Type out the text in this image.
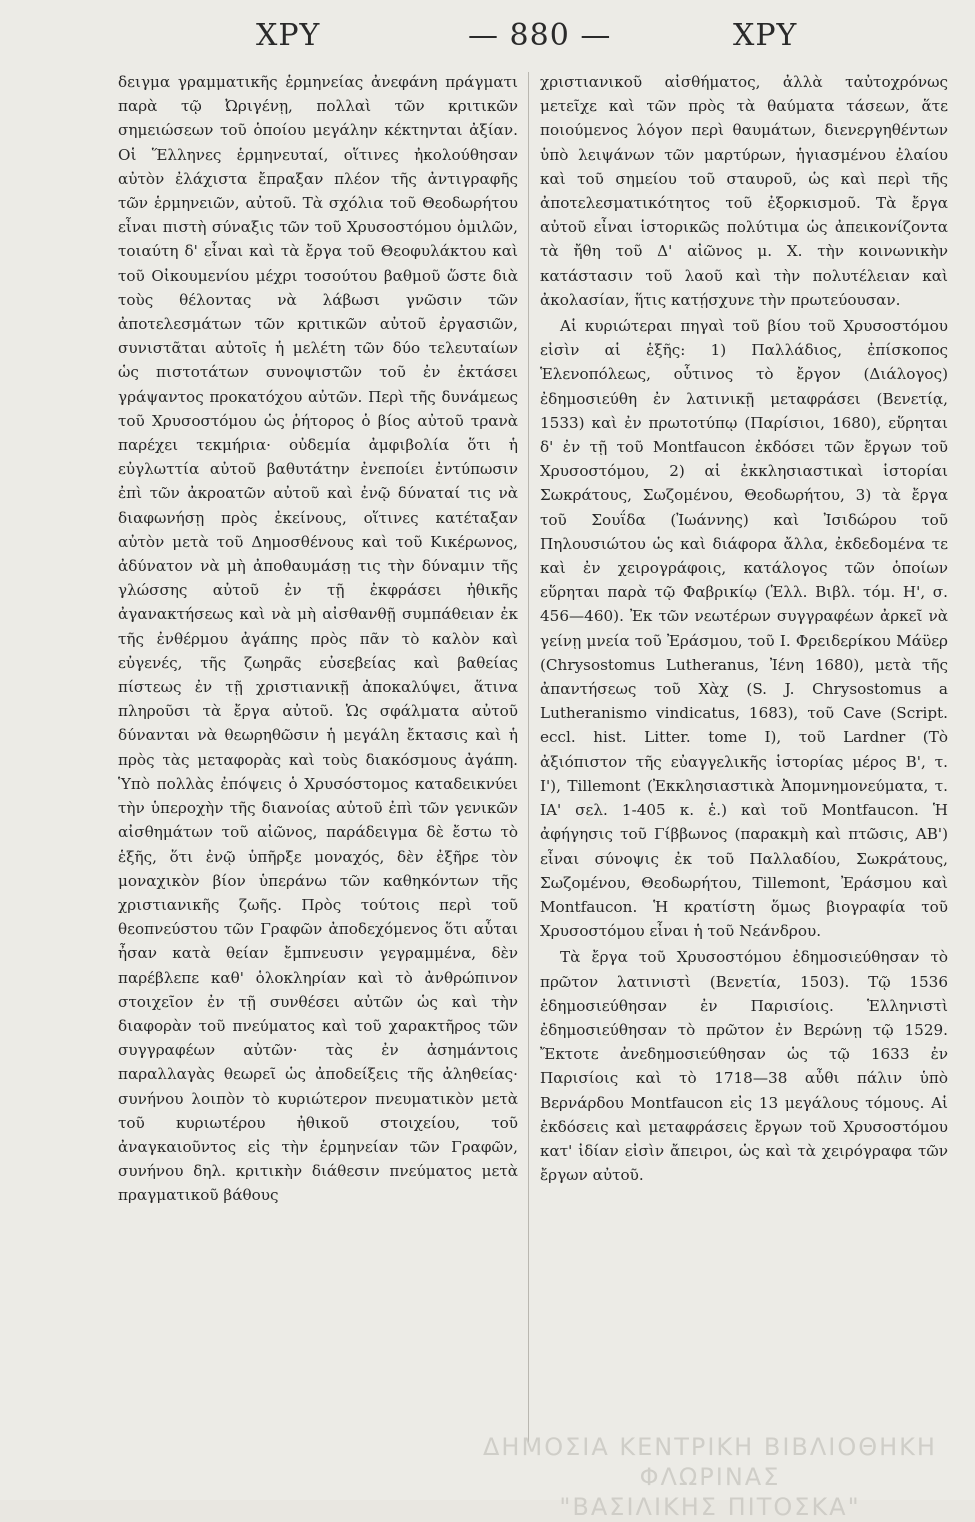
ΧΡΥ	— 880 —	ΧΡΥ

δειγμα γραμματικῆς ἑρμηνείας ἀνεφάνη πράγματι παρὰ τῷ Ὠριγένῃ, πολλαὶ τῶν κριτικῶν σημειώσεων τοῦ ὁποίου μεγάλην κέκτηνται ἀξίαν. Οἱ Ἕλληνες ἑρμηνευταί, οἵτινες ἠκολούθησαν αὐτὸν ἐλάχιστα ἔπραξαν πλέον τῆς ἀντιγραφῆς τῶν ἑρμηνειῶν, αὐτοῦ. Τὰ σχόλια τοῦ Θεοδωρήτου εἶναι πιστὴ σύναξις τῶν τοῦ Χρυσοστόμου ὁμιλῶν, τοιαύτη δ' εἶναι καὶ τὰ ἔργα τοῦ Θεοφυλάκτου καὶ τοῦ Οἰκουμενίου μέχρι τοσούτου βαθμοῦ ὥστε διὰ τοὺς θέλοντας νὰ λάβωσι γνῶσιν τῶν ἀποτελεσμάτων τῶν κριτικῶν αὐτοῦ ἐργασιῶν, συνιστᾶται αὐτοῖς ἡ μελέτη τῶν δύο τελευταίων ὡς πιστοτάτων συνοψιστῶν τοῦ ἐν ἐκτάσει γράψαντος προκατόχου αὐτῶν. Περὶ τῆς δυνάμεως τοῦ Χρυσοστόμου ὡς ῥήτορος ὁ βίος αὐτοῦ τρανὰ παρέχει τεκμήρια· οὐδεμία ἀμφιβολία ὅτι ἡ εὐγλωττία αὐτοῦ βαθυτάτην ἐνεποίει ἐντύπωσιν ἐπὶ τῶν ἀκροατῶν αὐτοῦ καὶ ἐνῷ δύναταί τις νὰ διαφωνήσῃ πρὸς ἐκείνους, οἵτινες κατέταξαν αὐτὸν μετὰ τοῦ Δημοσθένους καὶ τοῦ Κικέρωνος, ἀδύνατον νὰ μὴ ἀποθαυμάσῃ τις τὴν δύναμιν τῆς γλώσσης αὐτοῦ ἐν τῇ ἐκφράσει ἠθικῆς ἀγανακτήσεως καὶ νὰ μὴ αἰσθανθῇ συμπάθειαν ἐκ τῆς ἐνθέρμου ἀγάπης πρὸς πᾶν τὸ καλὸν καὶ εὐγενές, τῆς ζωηρᾶς εὐσεβείας καὶ βαθείας πίστεως ἐν τῇ χριστιανικῇ ἀποκαλύψει, ἅτινα πληροῦσι τὰ ἔργα αὐτοῦ. Ὡς σφάλματα αὐτοῦ δύνανται νὰ θεωρηθῶσιν ἡ μεγάλη ἔκτασις καὶ ἡ πρὸς τὰς μεταφορὰς καὶ τοὺς διακόσμους ἀγάπη. Ὑπὸ πολλὰς ἐπόψεις ὁ Χρυσόστομος καταδεικνύει τὴν ὑπεροχὴν τῆς διανοίας αὐτοῦ ἐπὶ τῶν γενικῶν αἰσθημάτων τοῦ αἰῶνος, παράδειγμα δὲ ἔστω τὸ ἑξῆς, ὅτι ἐνῷ ὑπῆρξε μοναχός, δὲν ἐξῆρε τὸν μοναχικὸν βίον ὑπεράνω τῶν καθηκόντων τῆς χριστιανικῆς ζωῆς. Πρὸς τούτοις περὶ τοῦ θεοπνεύστου τῶν Γραφῶν ἀποδεχόμενος ὅτι αὗται ἦσαν κατὰ θείαν ἔμπνευσιν γεγραμμένα, δὲν παρέβλεπε καθ' ὁλοκληρίαν καὶ τὸ ἀνθρώπινον στοιχεῖον ἐν τῇ συνθέσει αὐτῶν ὡς καὶ τὴν διαφορὰν τοῦ πνεύματος καὶ τοῦ χαρακτῆρος τῶν συγγραφέων αὐτῶν· τὰς ἐν ἀσημάντοις παραλλαγὰς θεωρεῖ ὡς ἀποδείξεις τῆς ἀληθείας· συνήνου λοιπὸν τὸ κυριώτερον πνευματικὸν μετὰ τοῦ κυριωτέρου ἠθικοῦ στοιχείου, τοῦ ἀναγκαιοῦντος εἰς τὴν ἑρμηνείαν τῶν Γραφῶν, συνήνου δηλ. κριτικὴν διάθεσιν πνεύματος μετὰ πραγματικοῦ βάθους

χριστιανικοῦ αἰσθήματος, ἀλλὰ ταὐτοχρόνως μετεῖχε καὶ τῶν πρὸς τὰ θαύματα τάσεων, ἅτε ποιούμενος λόγον περὶ θαυμάτων, διενεργηθέντων ὑπὸ λειψάνων τῶν μαρτύρων, ἡγιασμένου ἐλαίου καὶ τοῦ σημείου τοῦ σταυροῦ, ὡς καὶ περὶ τῆς ἀποτελεσματικότητος τοῦ ἐξορκισμοῦ. Τὰ ἔργα αὐτοῦ εἶναι ἱστορικῶς πολύτιμα ὡς ἀπεικονίζοντα τὰ ἤθη τοῦ Δ' αἰῶνος μ. Χ. τὴν κοινωνικὴν κατάστασιν τοῦ λαοῦ καὶ τὴν πολυτέλειαν καὶ ἀκολασίαν, ἥτις κατῄσχυνε τὴν πρωτεύουσαν.

Αἱ κυριώτεραι πηγαὶ τοῦ βίου τοῦ Χρυσοστόμου εἰσὶν αἱ ἑξῆς: 1) Παλλάδιος, ἐπίσκοπος Ἑλενοπόλεως, οὗτινος τὸ ἔργον (Διάλογος) ἐδημοσιεύθη ἐν λατινικῇ μεταφράσει (Βενετίᾳ, 1533) καὶ ἐν πρωτοτύπῳ (Παρίσιοι, 1680), εὕρηται δ' ἐν τῇ τοῦ Montfaucon ἐκδόσει τῶν ἔργων τοῦ Χρυσοστόμου, 2) αἱ ἐκκλησιαστικαὶ ἱστορίαι Σωκράτους, Σωζομένου, Θεοδωρήτου, 3) τὰ ἔργα τοῦ Σουΐδα (Ἰωάννης) καὶ Ἰσιδώρου τοῦ Πηλουσιώτου ὡς καὶ διάφορα ἄλλα, ἐκδεδομένα τε καὶ ἐν χειρογράφοις, κατάλογος τῶν ὁποίων εὕρηται παρὰ τῷ Φαβρικίῳ (Ἑλλ. Βιβλ. τόμ. Η', σ. 456—460). Ἐκ τῶν νεωτέρων συγγραφέων ἀρκεῖ νὰ γείνῃ μνεία τοῦ Ἐράσμου, τοῦ Ι. Φρειδερίκου Μάϋερ (Chrysostomus Lutheranus, Ἰένη 1680), μετὰ τῆς ἀπαντήσεως τοῦ Χὰχ (S. J. Chrysostomus a Lutheranismo vindicatus, 1683), τοῦ Cave (Script. eccl. hist. Litter. tome I), τοῦ Lardner (Τὸ ἀξιόπιστον τῆς εὐαγγελικῆς ἱστορίας μέρος Β', τ. Ι'), Tillemont (Ἐκκλησιαστικὰ Ἀπομνημονεύματα, τ. ΙΑ' σελ. 1-405 κ. ἑ.) καὶ τοῦ Montfaucon. Ἡ ἀφήγησις τοῦ Γίββωνος (παρακμὴ καὶ πτῶσις, ΑΒ') εἶναι σύνοψις ἐκ τοῦ Παλλαδίου, Σωκράτους, Σωζομένου, Θεοδωρήτου, Tillemont, Ἐράσμου καὶ Montfaucon. Ἡ κρατίστη ὅμως βιογραφία τοῦ Χρυσοστόμου εἶναι ἡ τοῦ Νεάνδρου.

Τὰ ἔργα τοῦ Χρυσοστόμου ἐδημοσιεύθησαν τὸ πρῶτον λατινιστὶ (Βενετία, 1503). Τῷ 1536 ἐδημοσιεύθησαν ἐν Παρισίοις. Ἑλληνιστὶ ἐδημοσιεύθησαν τὸ πρῶτον ἐν Βερώνῃ τῷ 1529. Ἔκτοτε ἀνεδημοσιεύθησαν ὡς τῷ 1633 ἐν Παρισίοις καὶ τὸ 1718—38 αὖθι πάλιν ὑπὸ Βερνάρδου Montfaucon εἰς 13 μεγάλους τόμους. Αἱ ἐκδόσεις καὶ μεταφράσεις ἔργων τοῦ Χρυσοστόμου κατ' ἰδίαν εἰσὶν ἄπειροι, ὡς καὶ τὰ χειρόγραφα τῶν ἔργων αὐτοῦ.

ΔΗΜΟΣΙΑ ΚΕΝΤΡΙΚΗ ΒΙΒΛΙΟΘΗΚΗ ΦΛΩΡΙΝΑΣ
"ΒΑΣΙΛΙΚΗΣ ΠΙΤΟΣΚΑ"
